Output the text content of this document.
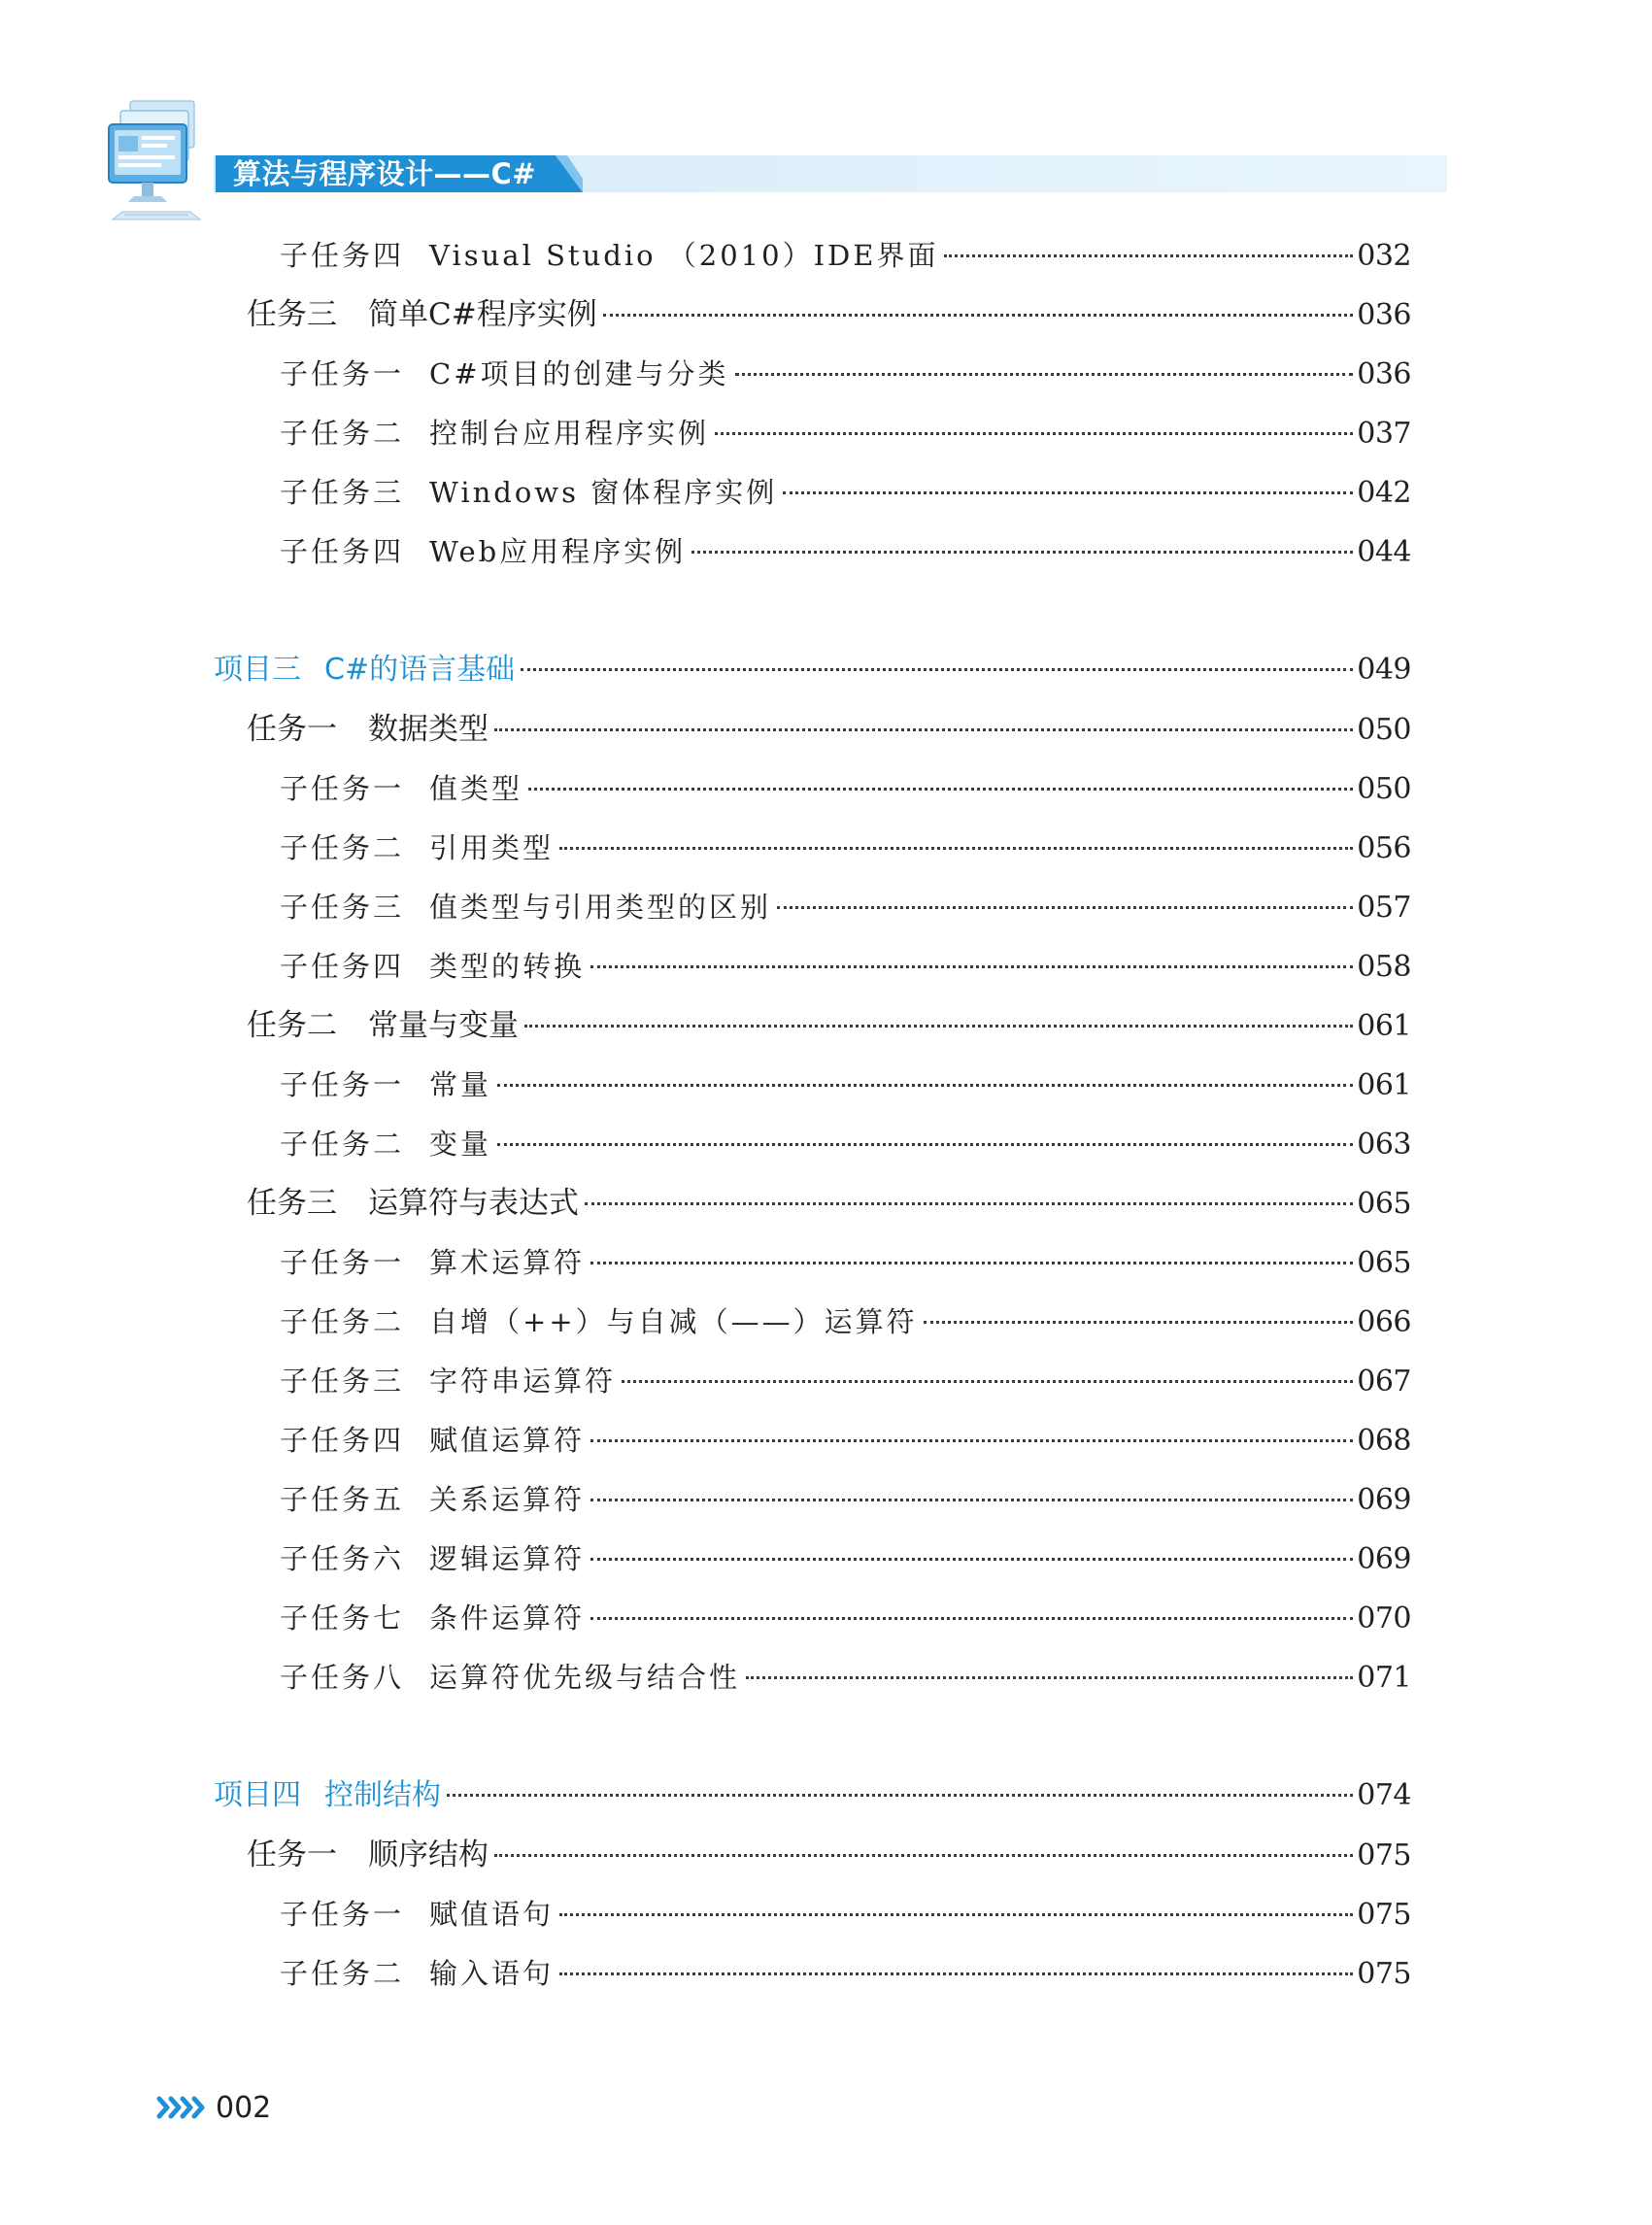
算法与程序设计——C#
子任务四 Visual Studio （2010）IDE界面	032
任务三 简单C#程序实例	036
子任务一 C#项目的创建与分类	036
子任务二 控制台应用程序实例	037
子任务三 Windows 窗体程序实例	042
子任务四 Web应用程序实例	044
项目三 C#的语言基础	049
任务一 数据类型	050
子任务一 值类型	050
子任务二 引用类型	056
子任务三 值类型与引用类型的区别	057
子任务四 类型的转换	058
任务二 常量与变量	061
子任务一 常量	061
子任务二 变量	063
任务三 运算符与表达式	065
子任务一 算术运算符	065
子任务二 自增（++）与自减（——）运算符	066
子任务三 字符串运算符	067
子任务四 赋值运算符	068
子任务五 关系运算符	069
子任务六 逻辑运算符	069
子任务七 条件运算符	070
子任务八 运算符优先级与结合性	071
项目四 控制结构	074
任务一 顺序结构	075
子任务一 赋值语句	075
子任务二 输入语句	075
002
